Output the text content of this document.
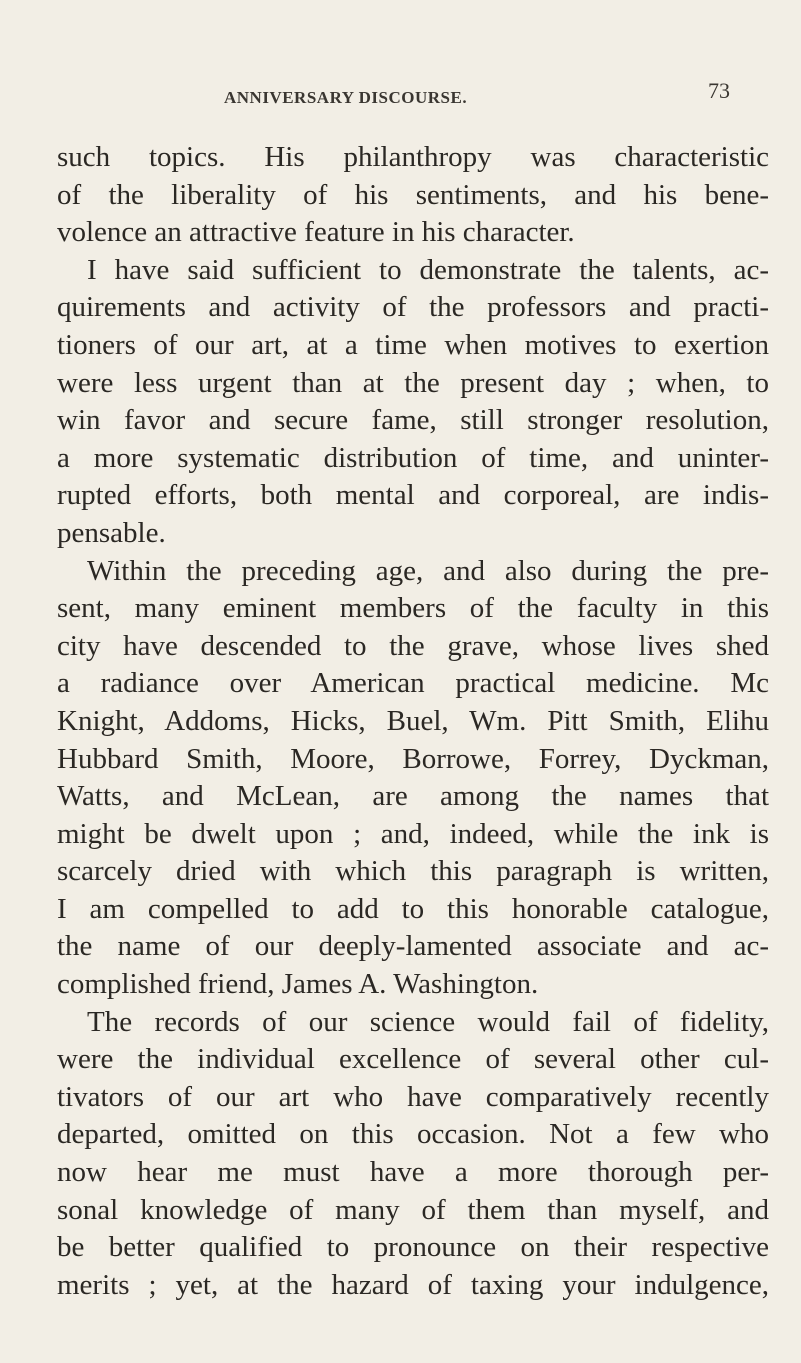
ANNIVERSARY DISCOURSE.	73
such topics. His philanthropy was characteristic
of the liberality of his sentiments, and his bene-
volence an attractive feature in his character.
I have said sufficient to demonstrate the talents, ac-
quirements and activity of the professors and practi-
tioners of our art, at a time when motives to exertion
were less urgent than at the present day ; when, to
win favor and secure fame, still stronger resolution,
a more systematic distribution of time, and uninter-
rupted efforts, both mental and corporeal, are indis-
pensable.
Within the preceding age, and also during the pre-
sent, many eminent members of the faculty in this
city have descended to the grave, whose lives shed
a radiance over American practical medicine. Mc
Knight, Addoms, Hicks, Buel, Wm. Pitt Smith, Elihu
Hubbard Smith, Moore, Borrowe, Forrey, Dyckman,
Watts, and McLean, are among the names that
might be dwelt upon ; and, indeed, while the ink is
scarcely dried with which this paragraph is written,
I am compelled to add to this honorable catalogue,
the name of our deeply-lamented associate and ac-
complished friend, James A. Washington.
The records of our science would fail of fidelity,
were the individual excellence of several other cul-
tivators of our art who have comparatively recently
departed, omitted on this occasion. Not a few who
now hear me must have a more thorough per-
sonal knowledge of many of them than myself, and
be better qualified to pronounce on their respective
merits ; yet, at the hazard of taxing your indulgence,
